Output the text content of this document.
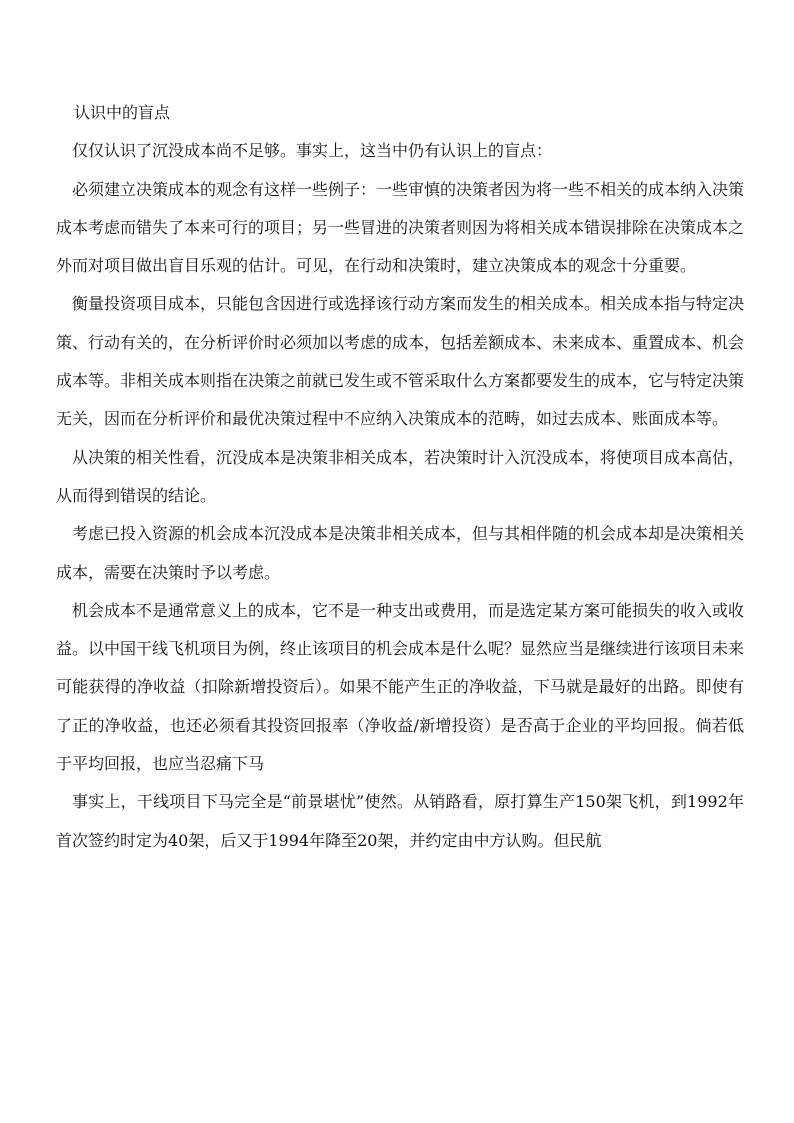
认识中的盲点

仅仅认识了沉没成本尚不足够。事实上，这当中仍有认识上的盲点：

必须建立决策成本的观念有这样一些例子：一些审慎的决策者因为将一些不相关的成本纳入决策成本考虑而错失了本来可行的项目；另一些冒进的决策者则因为将相关成本错误排除在决策成本之外而对项目做出盲目乐观的估计。可见，在行动和决策时，建立决策成本的观念十分重要。

衡量投资项目成本，只能包含因进行或选择该行动方案而发生的相关成本。相关成本指与特定决策、行动有关的，在分析评价时必须加以考虑的成本，包括差额成本、未来成本、重置成本、机会成本等。非相关成本则指在决策之前就已发生或不管采取什么方案都要发生的成本，它与特定决策无关，因而在分析评价和最优决策过程中不应纳入决策成本的范畴，如过去成本、账面成本等。

从决策的相关性看，沉没成本是决策非相关成本，若决策时计入沉没成本，将使项目成本高估，从而得到错误的结论。

考虑已投入资源的机会成本沉没成本是决策非相关成本，但与其相伴随的机会成本却是决策相关成本，需要在决策时予以考虑。

机会成本不是通常意义上的成本，它不是一种支出或费用，而是选定某方案可能损失的收入或收益。以中国干线飞机项目为例，终止该项目的机会成本是什么呢？显然应当是继续进行该项目未来可能获得的净收益（扣除新增投资后）。如果不能产生正的净收益，下马就是最好的出路。即使有了正的净收益，也还必须看其投资回报率（净收益/新增投资）是否高于企业的平均回报。倘若低于平均回报，也应当忍痛下马

事实上，干线项目下马完全是“前景堪忧”使然。从销路看，原打算生产150架飞机，到1992年首次签约时定为40架，后又于1994年降至20架，并约定由中方认购。但民航
